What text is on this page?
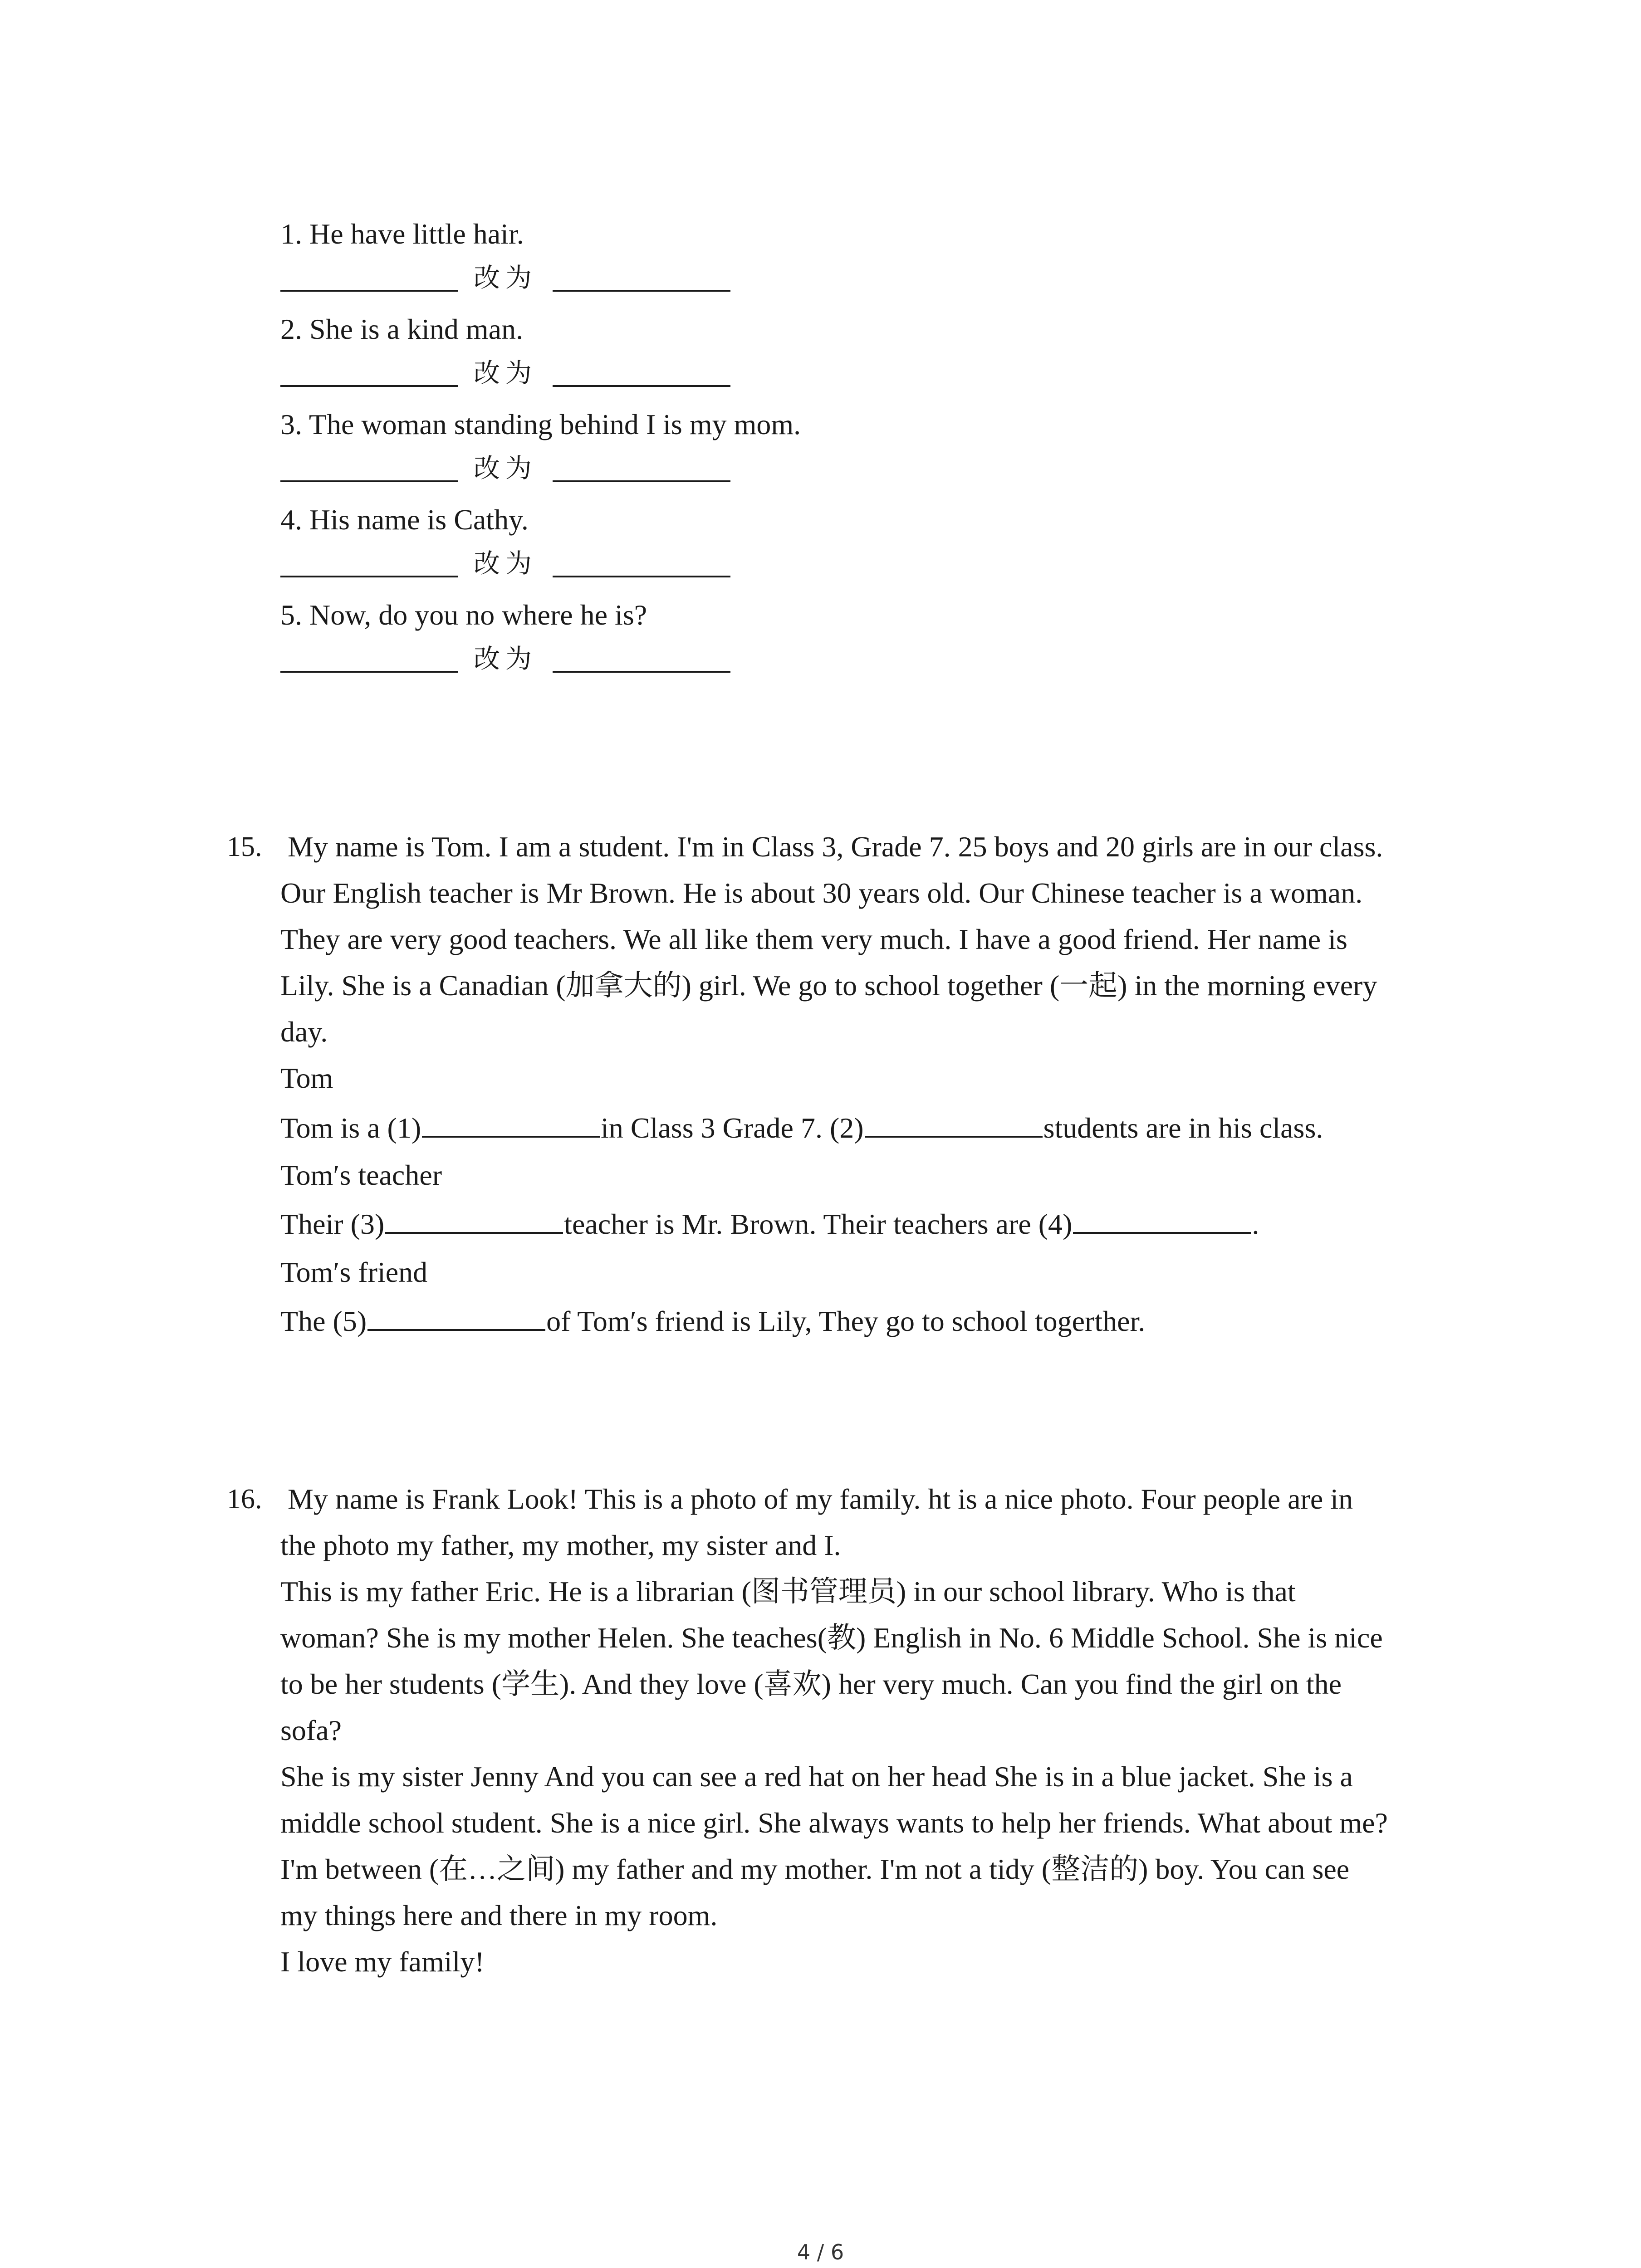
1. He have little hair.
改为
2. She is a kind man.
改为
3. The woman standing behind I is my mom.
改为
4. His name is Cathy.
改为
5. Now, do you no where he is?
改为
15. My name is Tom. I am a student. I'm in Class 3, Grade 7. 25 boys and 20 girls are in our class.

Our English teacher is Mr Brown. He is about 30 years old. Our Chinese teacher is a woman.

They are very good teachers. We all like them very much. I have a good friend. Her name is

Lily. She is a Canadian (加拿大的) girl. We go to school together (一起) in the morning every

day.

Tom
Tom is a (1)	in Class 3 Grade 7. (2)	students are in his class.
Tom′s teacher
Their (3)	teacher is Mr. Brown. Their teachers are (4)	.
Tom′s friend
The (5)	of Tom′s friend is Lily, They go to school togerther.
16. My name is Frank Look! This is a photo of my family. ht is a nice photo. Four people are in

the photo my father, my mother, my sister and I.

This is my father Eric. He is a librarian (图书管理员) in our school library. Who is that

woman? She is my mother Helen. She teaches(教) English in No. 6 Middle School. She is nice

to be her students (学生). And they love (喜欢) her very much. Can you find the girl on the

sofa?

She is my sister Jenny And you can see a red hat on her head She is in a blue jacket. She is a

middle school student. She is a nice girl. She always wants to help her friends. What about me?

I'm between (在…之间) my father and my mother. I'm not a tidy (整洁的) boy. You can see

my things here and there in my room.

I love my family!

4 / 6
